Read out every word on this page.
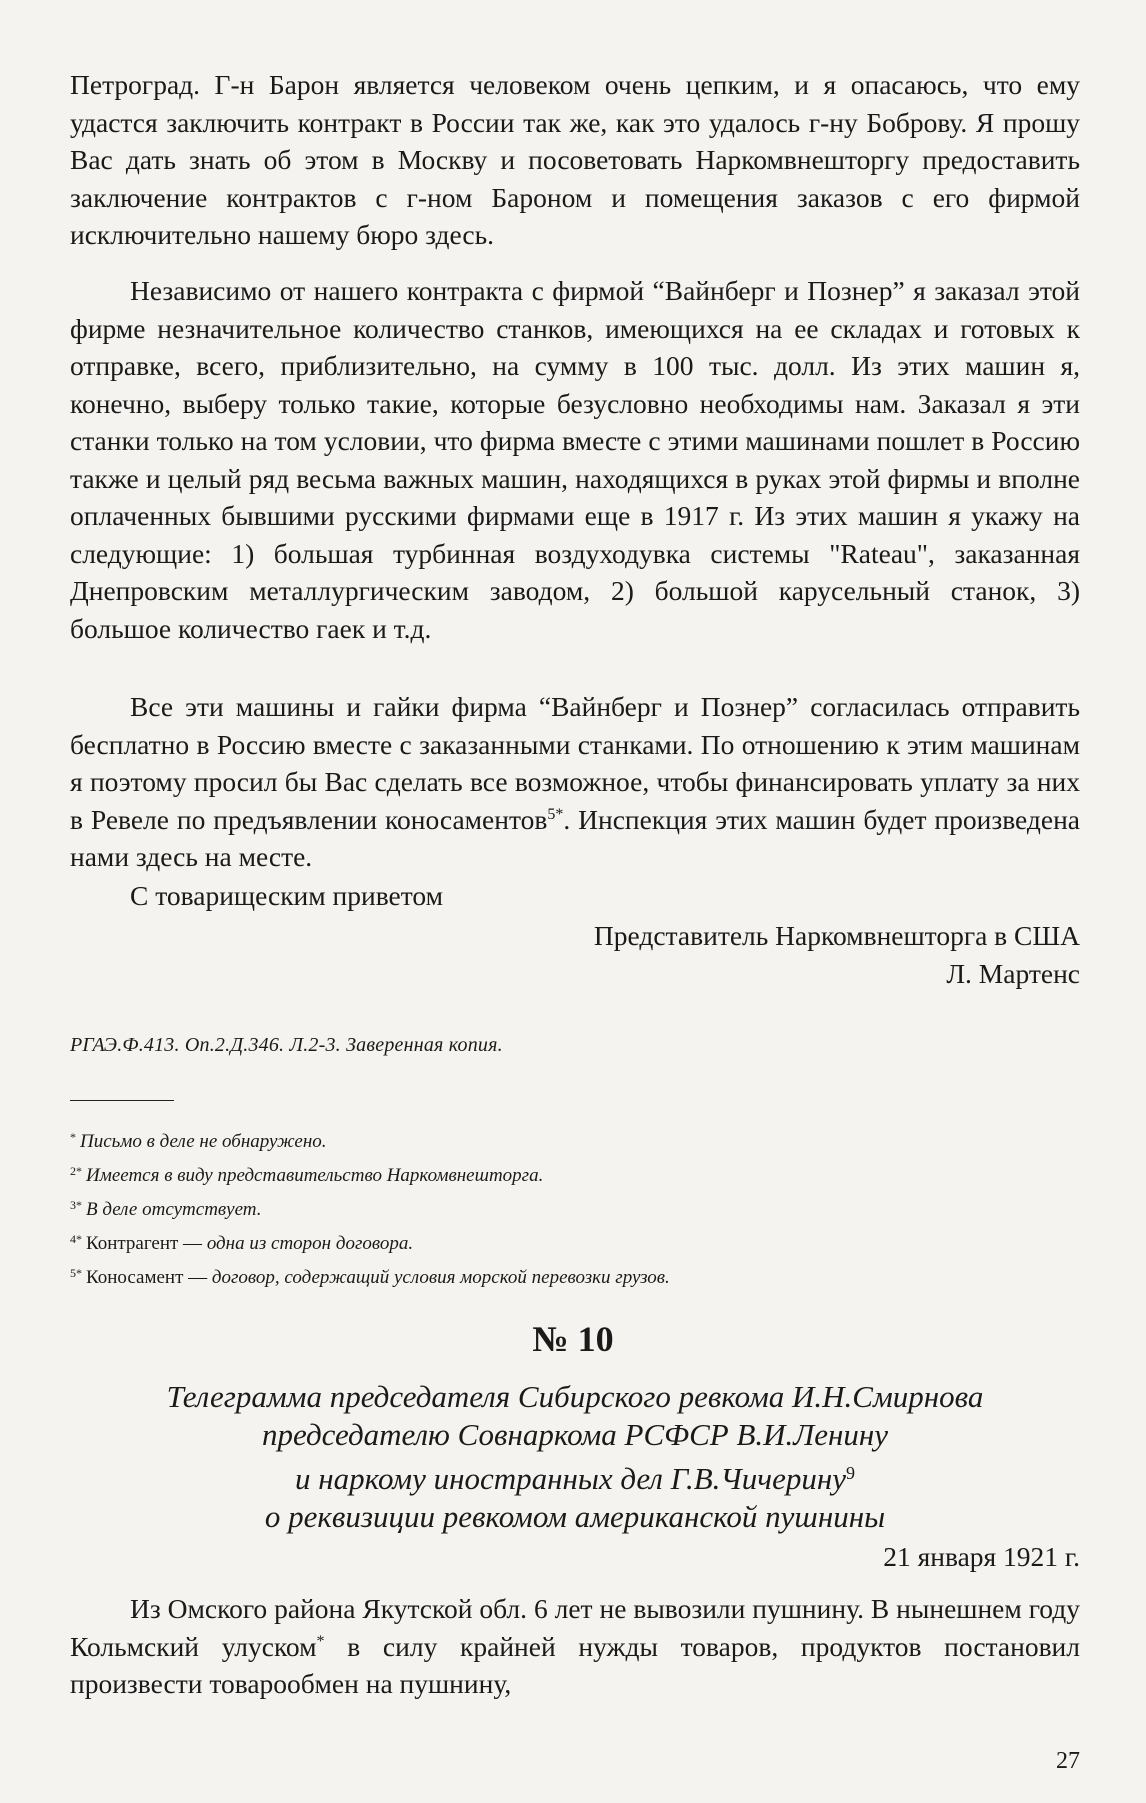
Петроград. Г-н Барон является человеком очень цепким, и я опасаюсь, что ему удастся заключить контракт в России так же, как это удалось г-ну Боброву. Я прошу Вас дать знать об этом в Москву и посоветовать Наркомвнешторгу предоставить заключение контрактов с г-ном Бароном и помещения заказов с его фирмой исключительно нашему бюро здесь.

Независимо от нашего контракта с фирмой “Вайнберг и Познер” я заказал этой фирме незначительное количество станков, имеющихся на ее складах и готовых к отправке, всего, приблизительно, на сумму в 100 тыс. долл. Из этих машин я, конечно, выберу только такие, которые безусловно необходимы нам. Заказал я эти станки только на том условии, что фирма вместе с этими машинами пошлет в Россию также и целый ряд весьма важных машин, находящихся в руках этой фирмы и вполне оплаченных бывшими русскими фирмами еще в 1917 г. Из этих машин я укажу на следующие: 1) большая турбинная воздуходувка системы "Rateau", заказанная Днепровским металлургическим заводом, 2) большой карусельный станок, 3) большое количество гаек и т.д.

Все эти машины и гайки фирма “Вайнберг и Познер” согласилась отправить бесплатно в Россию вместе с заказанными станками. По отношению к этим машинам я поэтому просил бы Вас сделать все возможное, чтобы финансировать уплату за них в Ревеле по предъявлении коносаментов$^{5*}$. Инспекция этих машин будет произведена нами здесь на месте.

С товарищеским приветом
Представитель Наркомвнешторга в США
Л. Мартенс
РГАЭ.Ф.413. Оп.2.Д.346. Л.2-3. Заверенная копия.
* Письмо в деле не обнаружено.
$^{2*}$ Имеется в виду представительство Наркомвнешторга.
$^{3*}$ В деле отсутствует.
$^{4*}$ Контрагент — одна из сторон договора.
$^{5*}$ Коносамент — договор, содержащий условия морской перевозки грузов.
№ 10
Телеграмма председателя Сибирского ревкома И.Н.Смирнова
председателю Совнаркома РСФСР В.И.Ленину
и наркому иностранных дел Г.В.Чичерину$^9$
о реквизиции ревкомом американской пушнины
21 января 1921 г.

Из Омского района Якутской обл. 6 лет не вывозили пушнину. В нынешнем году Кольмский улуском* в силу крайней нужды товаров, продуктов постановил произвести товарообмен на пушнину,

27
